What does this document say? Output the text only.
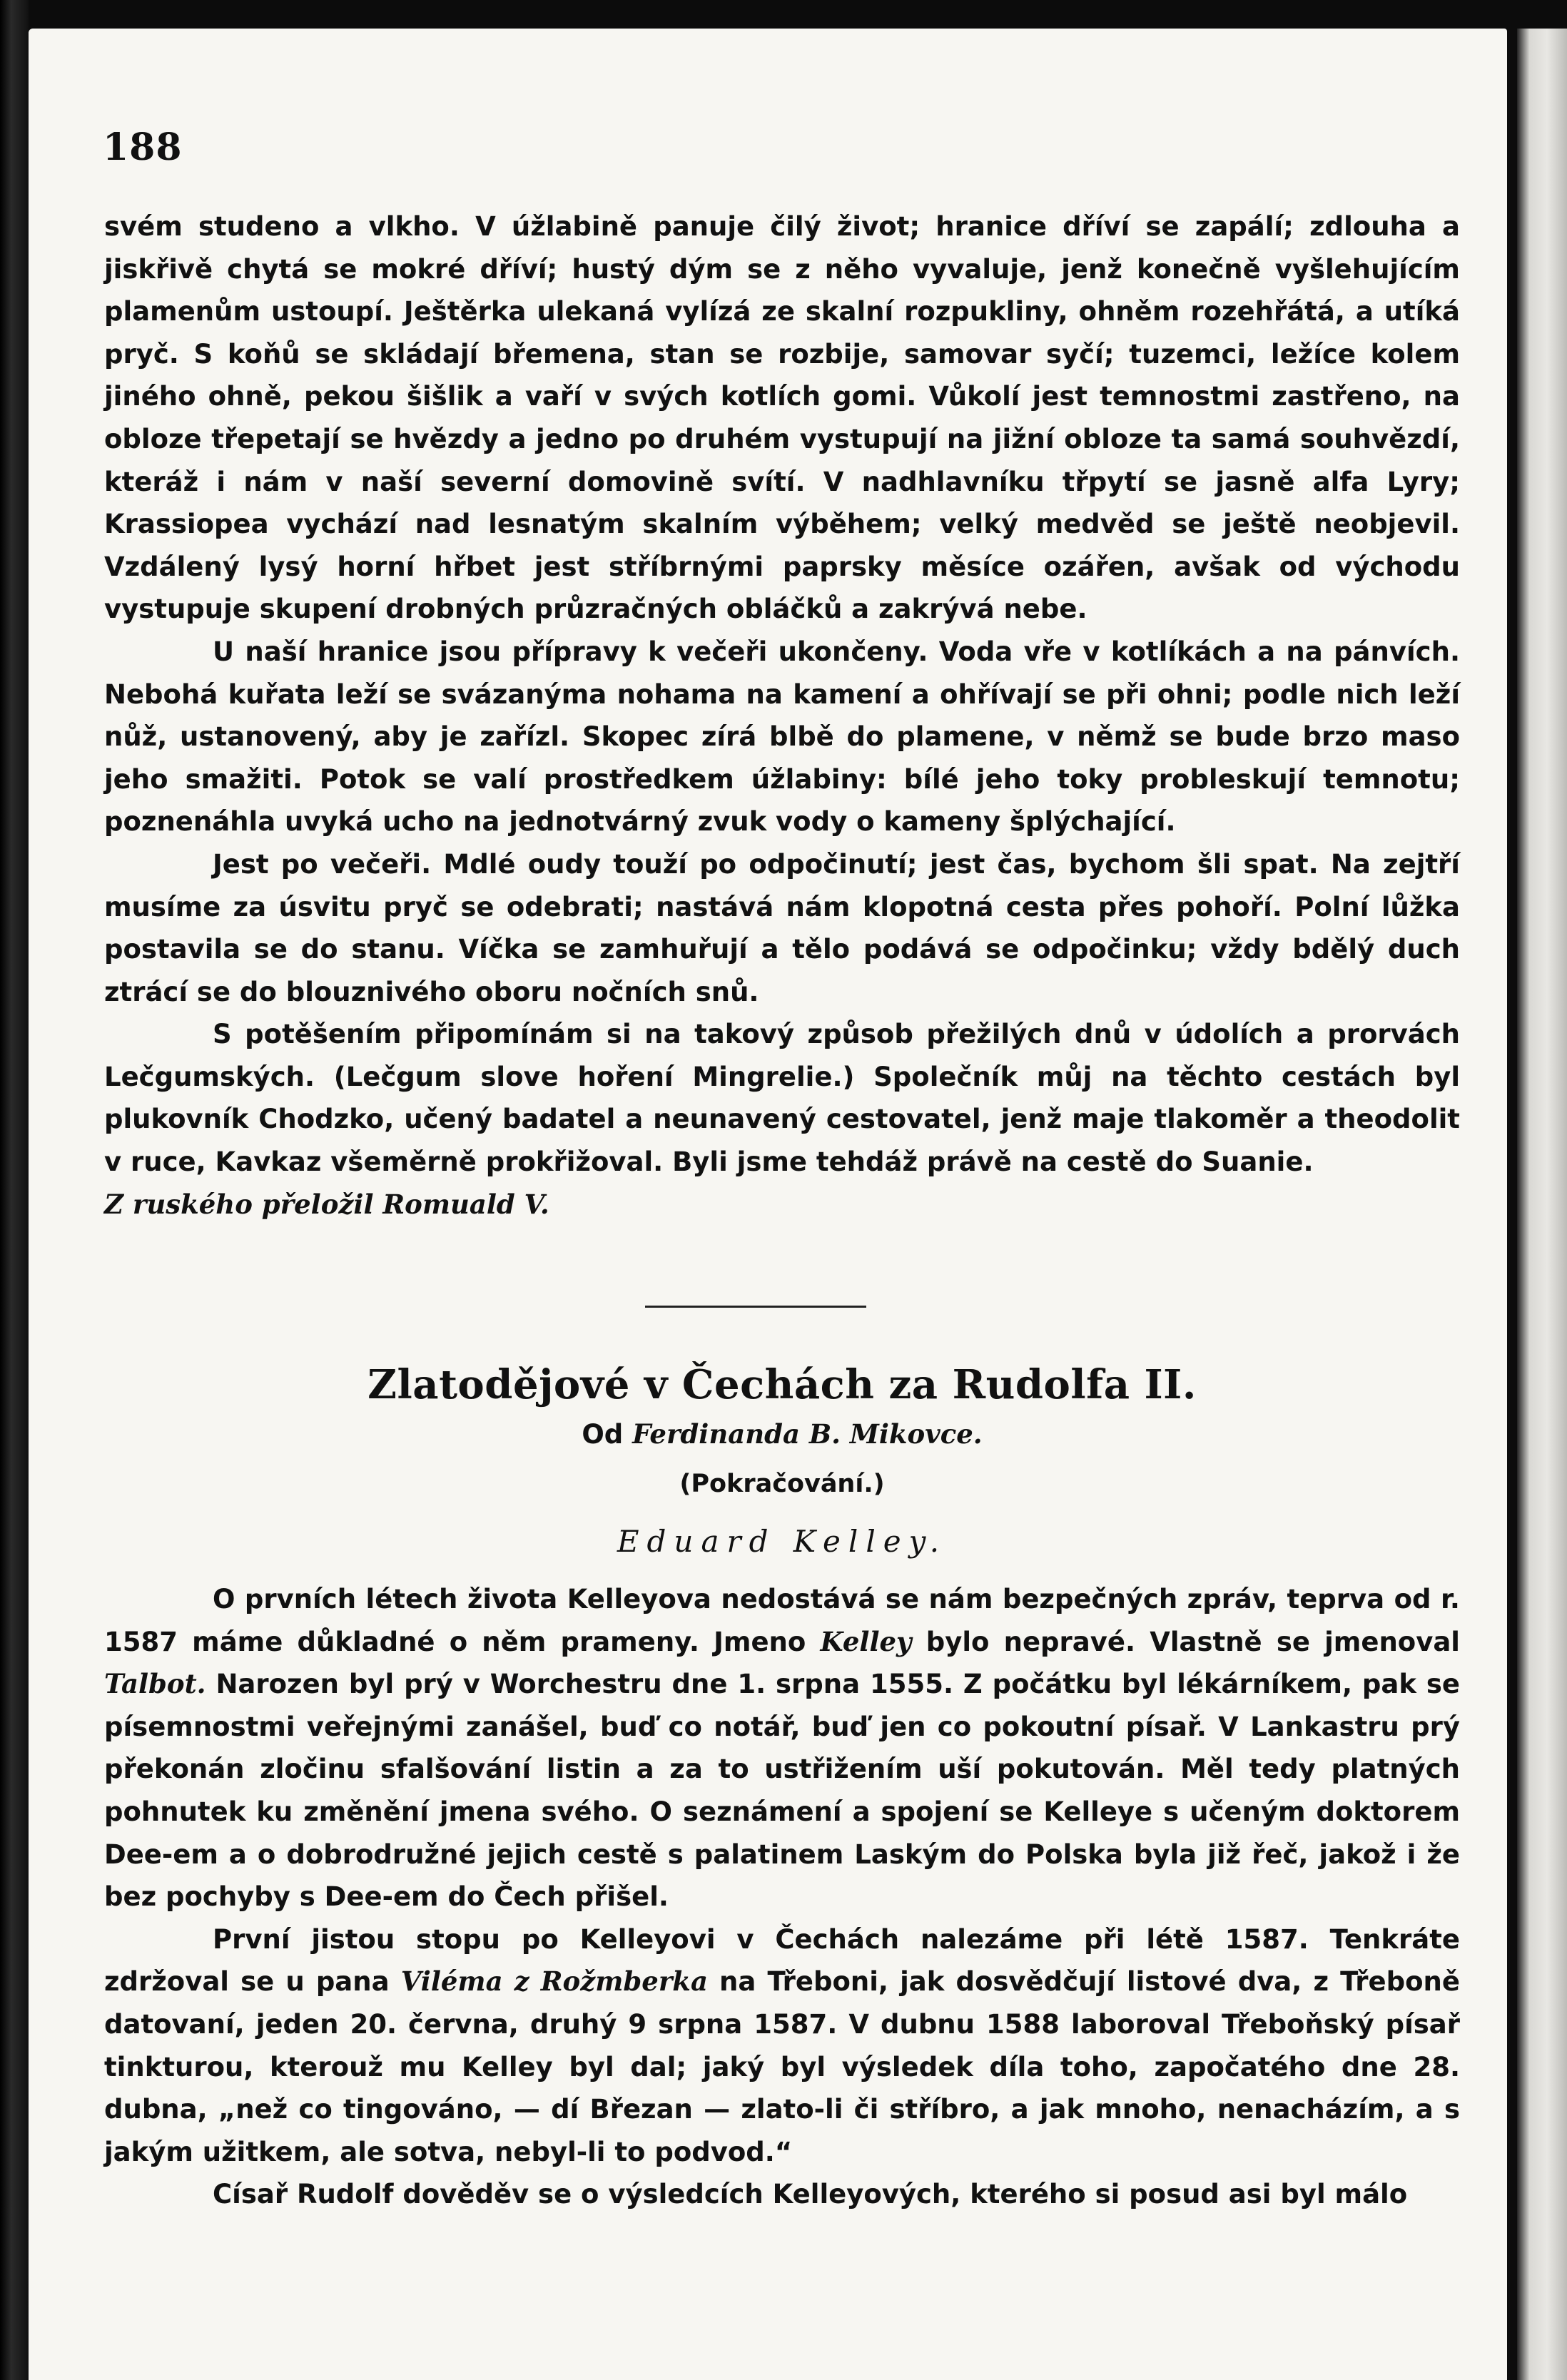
188

svém studeno a vlkho. V úžlabině panuje čilý život; hranice dříví se zapálí; zdlouha a jiskřivě chytá se mokré dříví; hustý dým se z něho vyvaluje, jenž konečně vyšlehujícím plamenům ustoupí. Ještěrka ulekaná vylízá ze skalní rozpukliny, ohněm rozehřátá, a utíká pryč. S koňů se skládají břemena, stan se rozbije, samovar syčí; tuzemci, ležíce kolem jiného ohně, pekou šišlik a vaří v svých kotlích gomi. Vůkolí jest temnostmi zastřeno, na obloze třepetají se hvězdy a jedno po druhém vystupují na jižní obloze ta samá souhvězdí, kteráž i nám v naší severní domovině svítí. V nadhlavníku třpytí se jasně alfa Lyry; Krassiopea vychází nad lesnatým skalním výběhem; velký medvěd se ještě neobjevil. Vzdálený lysý horní hřbet jest stříbrnými paprsky měsíce ozářen, avšak od východu vystupuje skupení drobných průzračných obláčků a zakrývá nebe.

U naší hranice jsou přípravy k večeři ukončeny. Voda vře v kotlíkách a na pánvích. Nebohá kuřata leží se svázanýma nohama na kamení a ohřívají se při ohni; podle nich leží nůž, ustanovený, aby je zařízl. Skopec zírá blbě do plamene, v němž se bude brzo maso jeho smažiti. Potok se valí prostředkem úžlabiny: bílé jeho toky probleskují temnotu; poznenáhla uvyká ucho na jednotvárný zvuk vody o kameny šplýchající.

Jest po večeři. Mdlé oudy touží po odpočinutí; jest čas, bychom šli spat. Na zejtří musíme za úsvitu pryč se odebrati; nastává nám klopotná cesta přes pohoří. Polní lůžka postavila se do stanu. Víčka se zamhuřují a tělo podává se odpočinku; vždy bdělý duch ztrácí se do blouznivého oboru nočních snů.

S potěšením připomínám si na takový způsob přežilých dnů v údolích a prorvách Lečgumských. (Lečgum slove hoření Mingrelie.) Společník můj na těchto cestách byl plukovník Chodzko, učený badatel a neunavený cestovatel, jenž maje tlakoměr a theodolit v ruce, Kavkaz všeměrně prokřižoval. Byli jsme tehdáž právě na cestě do Suanie.

Z ruského přeložil Romuald V.

Zlatodějové v Čechách za Rudolfa II.
Od Ferdinanda B. Mikovce.
(Pokračování.)
Eduard Kelley.

O prvních létech života Kelleyova nedostává se nám bezpečných zpráv, teprva od r. 1587 máme důkladné o něm prameny. Jmeno Kelley bylo nepravé. Vlastně se jmenoval Talbot. Narozen byl prý v Worchestru dne 1. srpna 1555. Z počátku byl lékárníkem, pak se písemnostmi veřejnými zanášel, buď co notář, buď jen co pokoutní písař. V Lankastru prý překonán zločinu sfalšování listin a za to ustřižením uší pokutován. Měl tedy platných pohnutek ku změnění jmena svého. O seznámení a spojení se Kelleye s učeným doktorem Dee-em a o dobrodružné jejich cestě s palatinem Laským do Polska byla již řeč, jakož i že bez pochyby s Dee-em do Čech přišel.

První jistou stopu po Kelleyovi v Čechách nalezáme při létě 1587. Tenkráte zdržoval se u pana Viléma z Rožmberka na Třeboni, jak dosvědčují listové dva, z Třeboně datovaní, jeden 20. června, druhý 9 srpna 1587. V dubnu 1588 laboroval Třeboňský písař tinkturou, kterouž mu Kelley byl dal; jaký byl výsledek díla toho, započatého dne 28. dubna, „než co tingováno, — dí Březan — zlato-li či stříbro, a jak mnoho, nenacházím, a s jakým užitkem, ale sotva, nebyl-li to podvod.“

Císař Rudolf dověděv se o výsledcích Kelleyových, kterého si posud asi byl málo
